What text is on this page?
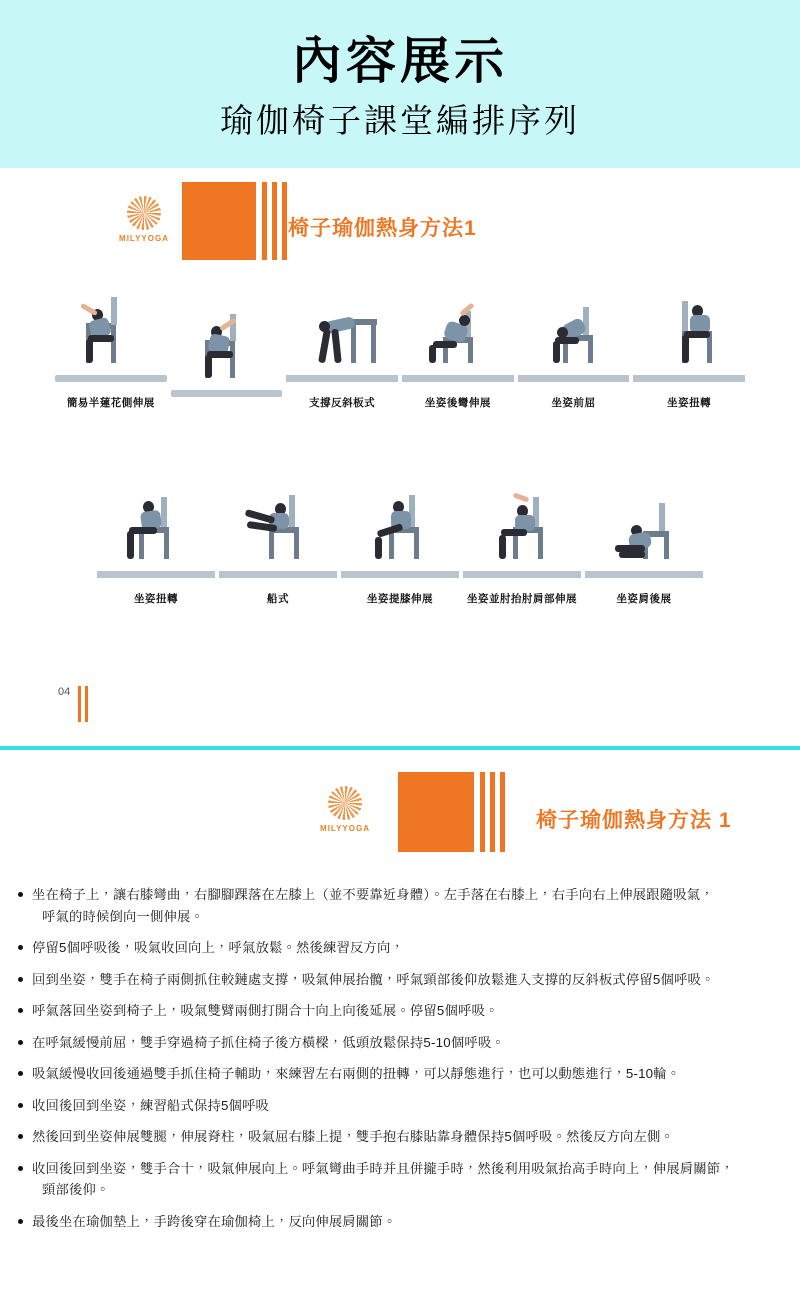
內容展示
瑜伽椅子課堂編排序列
MILYYOGA	椅子瑜伽熱身方法1
簡易半蓮花側伸展	支撐反斜板式	坐姿後彎伸展	坐姿前屈	坐姿扭轉
坐姿扭轉	船式	坐姿提膝伸展	坐姿並肘抬肘肩部伸展	坐姿肩後展
04
MILYYOGA	椅子瑜伽熱身方法 1
坐在椅子上，讓右膝彎曲，右腳腳踝落在左膝上（並不要靠近身體）。左手落在右膝上，右手向右上伸展跟隨吸氣，
呼氣的時候倒向一側伸展。
停留5個呼吸後，吸氣收回向上，呼氣放鬆。然後練習反方向，
回到坐姿，雙手在椅子兩側抓住較鏈處支撐，吸氣伸展抬髖，呼氣頸部後仰放鬆進入支撐的反斜板式停留5個呼吸。
呼氣落回坐姿到椅子上，吸氣雙臂兩側打開合十向上向後延展。停留5個呼吸。
在呼氣緩慢前屈，雙手穿過椅子抓住椅子後方橫樑，低頭放鬆保持5-10個呼吸。
吸氣緩慢收回後通過雙手抓住椅子輔助，來練習左右兩側的扭轉，可以靜態進行，也可以動態進行，5-10輪。
收回後回到坐姿，練習船式保持5個呼吸
然後回到坐姿伸展雙腿，伸展脊柱，吸氣屈右膝上提，雙手抱右膝貼靠身體保持5個呼吸。然後反方向左側。
收回後回到坐姿，雙手合十，吸氣伸展向上。呼氣彎曲手時并且併攏手時，然後利用吸氣抬高手時向上，伸展肩關節，
頸部後仰。
最後坐在瑜伽墊上，手跨後穿在瑜伽椅上，反向伸展肩關節。
